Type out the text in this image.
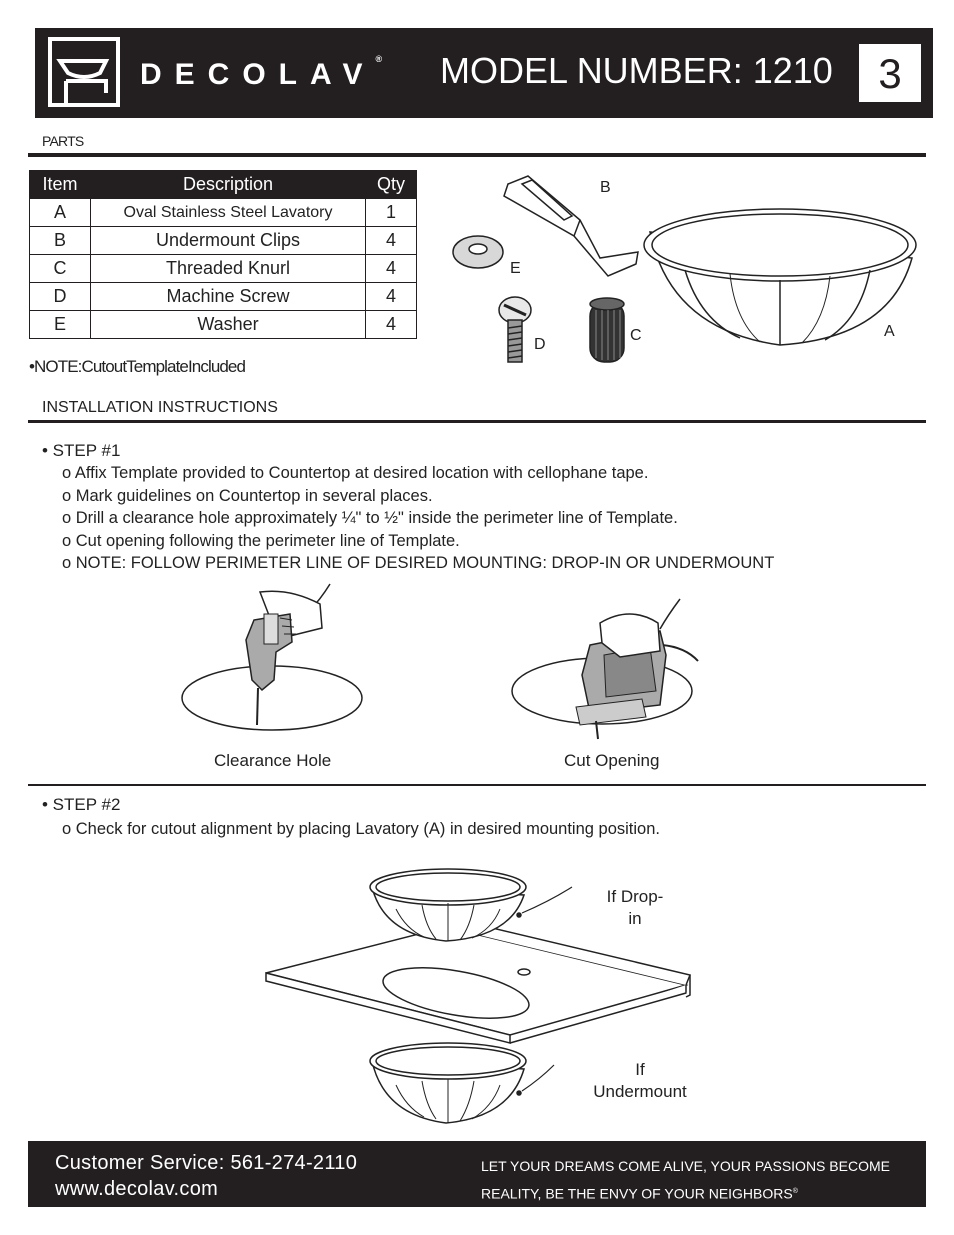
DECOLAV® MODEL NUMBER: 1210	3
PARTS
Item	Description	Qty
A	Oval Stainless Steel Lavatory	1
B	Undermount Clips	4
C	Threaded Knurl	4
D	Machine Screw	4
E	Washer	4
•NOTE:CutoutTemplateIncluded
B
E
D
C	A
INSTALLATION INSTRUCTIONS
• STEP #1
o Affix Template provided to Countertop at desired location with cellophane tape.
o Mark guidelines on Countertop in several places.
o Drill a clearance hole approximately ¼" to ½" inside the perimeter line of Template.
o Cut opening following the perimeter line of Template.
o NOTE: FOLLOW PERIMETER LINE OF DESIRED MOUNTING: DROP-IN OR UNDERMOUNT
Clearance Hole	Cut Opening
• STEP #2
o Check for cutout alignment by placing Lavatory (A) in desired mounting position.
If Drop-
in
If
Undermount
Customer Service: 561-274-2110
www.decolav.com
LET YOUR DREAMS COME ALIVE, YOUR PASSIONS BECOME
REALITY, BE THE ENVY OF YOUR NEIGHBORS®
